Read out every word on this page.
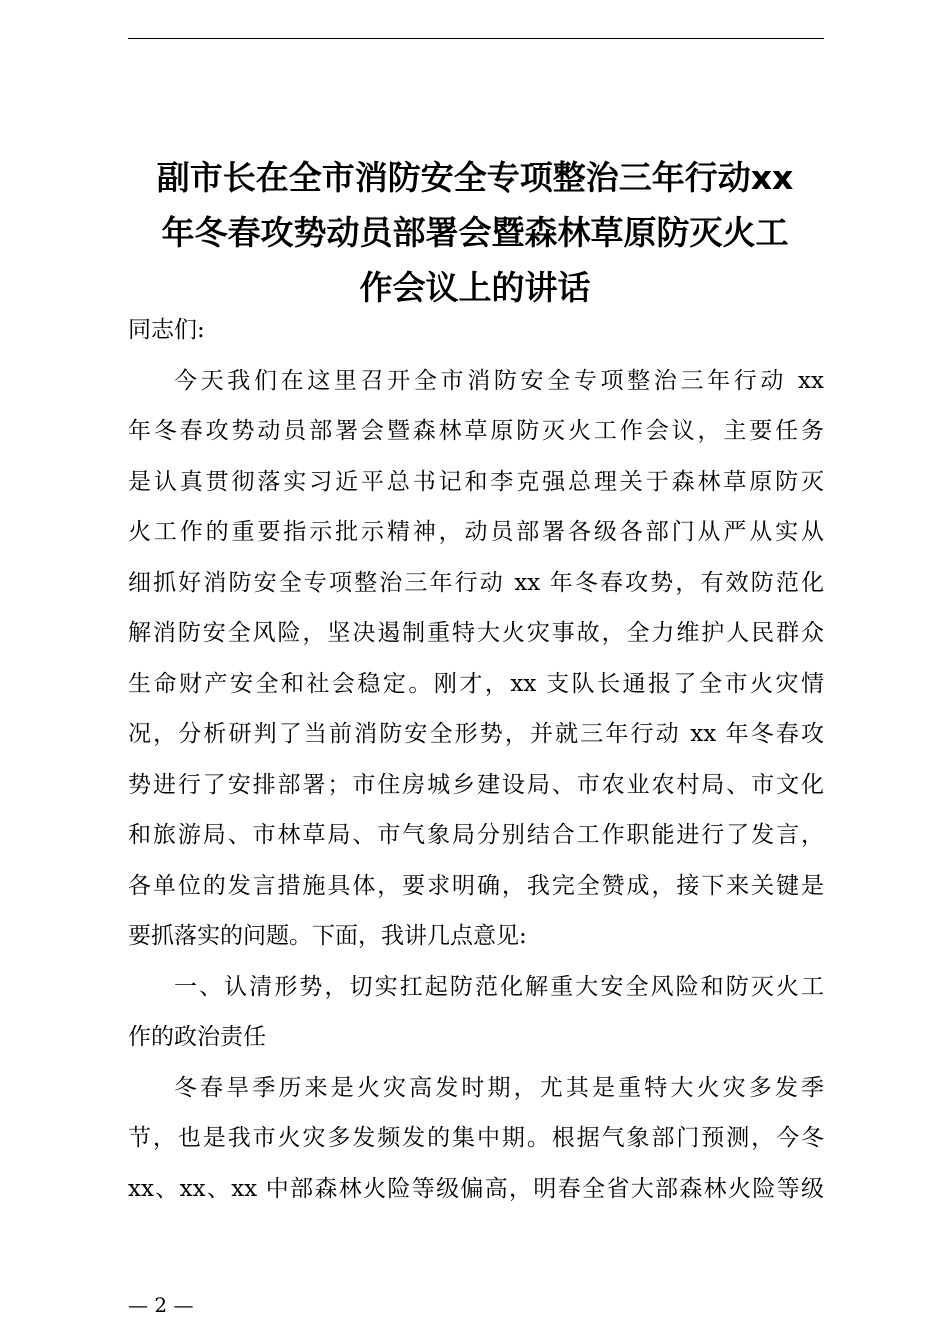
副市长在全市消防安全专项整治三年行动xx
年冬春攻势动员部署会暨森林草原防灭火工
作会议上的讲话
同志们:

今天我们在这里召开全市消防安全专项整治三年行动 xx
年冬春攻势动员部署会暨森林草原防灭火工作会议，主要任务
是认真贯彻落实习近平总书记和李克强总理关于森林草原防灭
火工作的重要指示批示精神，动员部署各级各部门从严从实从
细抓好消防安全专项整治三年行动 xx 年冬春攻势，有效防范化
解消防安全风险，坚决遏制重特大火灾事故，全力维护人民群众
生命财产安全和社会稳定。刚才，xx 支队长通报了全市火灾情
况，分析研判了当前消防安全形势，并就三年行动 xx 年冬春攻
势进行了安排部署；市住房城乡建设局、市农业农村局、市文化
和旅游局、市林草局、市气象局分别结合工作职能进行了发言，
各单位的发言措施具体，要求明确，我完全赞成，接下来关键是
要抓落实的问题。下面，我讲几点意见:

一、认清形势，切实扛起防范化解重大安全风险和防灭火工
作的政治责任

冬春旱季历来是火灾高发时期，尤其是重特大火灾多发季
节，也是我市火灾多发频发的集中期。根据气象部门预测，今冬
xx、xx、xx 中部森林火险等级偏高，明春全省大部森林火险等级

— 2 —
